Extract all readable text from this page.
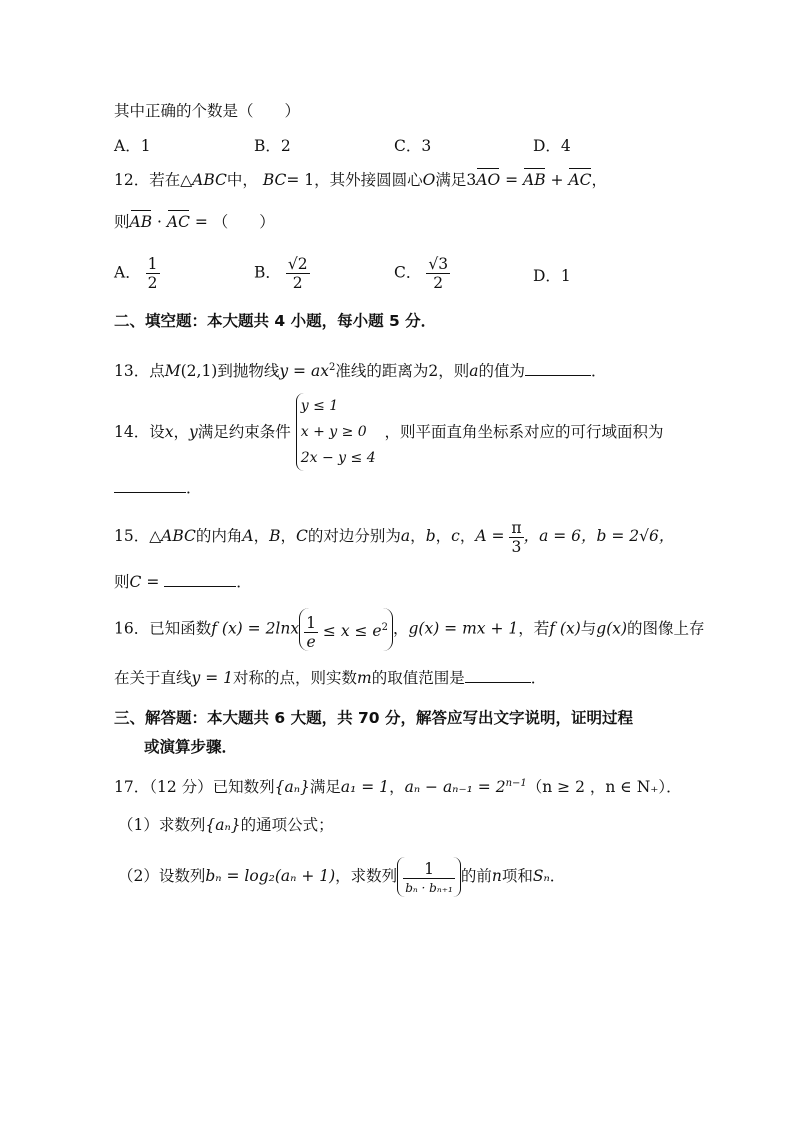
其中正确的个数是（　　）
A．1	B．2	C．3	D．4
12．若在△ABC中， BC= 1，其外接圆圆心O满足3AO = AB + AC，
则AB · AC = （　　）
A． $\frac{1}{2}$	B． $\frac{√2}{2}$	C． $\frac{√3}{2}$	D．1
二、填空题：本大题共 4 小题，每小题 5 分．
13．点M(2,1)到抛物线$y = ax^2$准线的距离为2，则a的值为	．
14．设x，y满足约束条件
y ≤ 1
x + y ≥ 0
2x − y ≤ 4
，则平面直角坐标系对应的可行域面积为
．
15．△ABC的内角A，B，C的对边分别为a，b，c，$A = \frac{\pi}{3}$ ，a = 6，b = 2√6，
则C =	．
16．已知函数f $(x) = 2\ln x \frac{1}{e} \le x \le e^2$ ，g(x) = mx + 1，若f (x)与g(x)的图像上存
在关于直线y = 1对称的点，则实数m的取值范围是	．
三、解答题：本大题共 6 大题，共 70 分，解答应写出文字说明，证明过程
或演算步骤．
17．（12 分）已知数列{aₙ}满足a₁ = 1，$a_n - a_{n-1} = 2^{n-1}(n \ge 2$ ，n ∈ N₊）．
（1）求数列{aₙ}的通项公式；
（2）设数列bₙ = log₂(aₙ + 1)，求数列 $\frac{1}{\text{bₙ · bₙ₊₁}}$ 的前n项和Sₙ．
